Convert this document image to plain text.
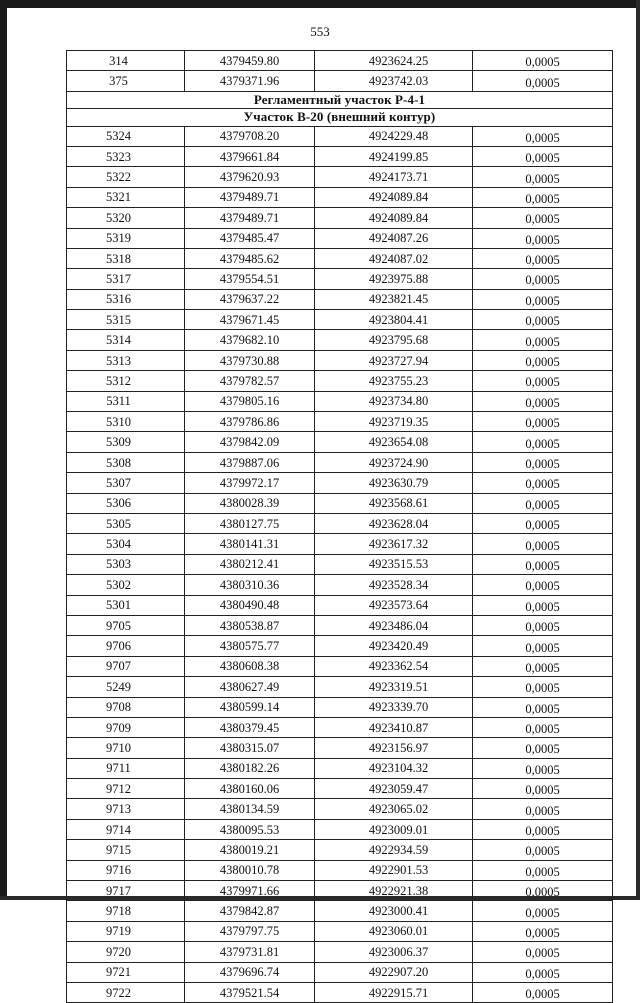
553
314	4379459.80	4923624.25	0,0005
375	4379371.96	4923742.03	0,0005
Регламентный участок Р-4-1			
Участок В-20 (внешний контур)			
5324	4379708.20	4924229.48	0,0005
5323	4379661.84	4924199.85	0,0005
5322	4379620.93	4924173.71	0,0005
5321	4379489.71	4924089.84	0,0005
5320	4379489.71	4924089.84	0,0005
5319	4379485.47	4924087.26	0,0005
5318	4379485.62	4924087.02	0,0005
5317	4379554.51	4923975.88	0,0005
5316	4379637.22	4923821.45	0,0005
5315	4379671.45	4923804.41	0,0005
5314	4379682.10	4923795.68	0,0005
5313	4379730.88	4923727.94	0,0005
5312	4379782.57	4923755.23	0,0005
5311	4379805.16	4923734.80	0,0005
5310	4379786.86	4923719.35	0,0005
5309	4379842.09	4923654.08	0,0005
5308	4379887.06	4923724.90	0,0005
5307	4379972.17	4923630.79	0,0005
5306	4380028.39	4923568.61	0,0005
5305	4380127.75	4923628.04	0,0005
5304	4380141.31	4923617.32	0,0005
5303	4380212.41	4923515.53	0,0005
5302	4380310.36	4923528.34	0,0005
5301	4380490.48	4923573.64	0,0005
9705	4380538.87	4923486.04	0,0005
9706	4380575.77	4923420.49	0,0005
9707	4380608.38	4923362.54	0,0005
5249	4380627.49	4923319.51	0,0005
9708	4380599.14	4923339.70	0,0005
9709	4380379.45	4923410.87	0,0005
9710	4380315.07	4923156.97	0,0005
9711	4380182.26	4923104.32	0,0005
9712	4380160.06	4923059.47	0,0005
9713	4380134.59	4923065.02	0,0005
9714	4380095.53	4923009.01	0,0005
9715	4380019.21	4922934.59	0,0005
9716	4380010.78	4922901.53	0,0005
9717	4379971.66	4922921.38	0,0005
9718	4379842.87	4923000.41	0,0005
9719	4379797.75	4923060.01	0,0005
9720	4379731.81	4923006.37	0,0005
9721	4379696.74	4922907.20	0,0005
9722	4379521.54	4922915.71	0,0005
